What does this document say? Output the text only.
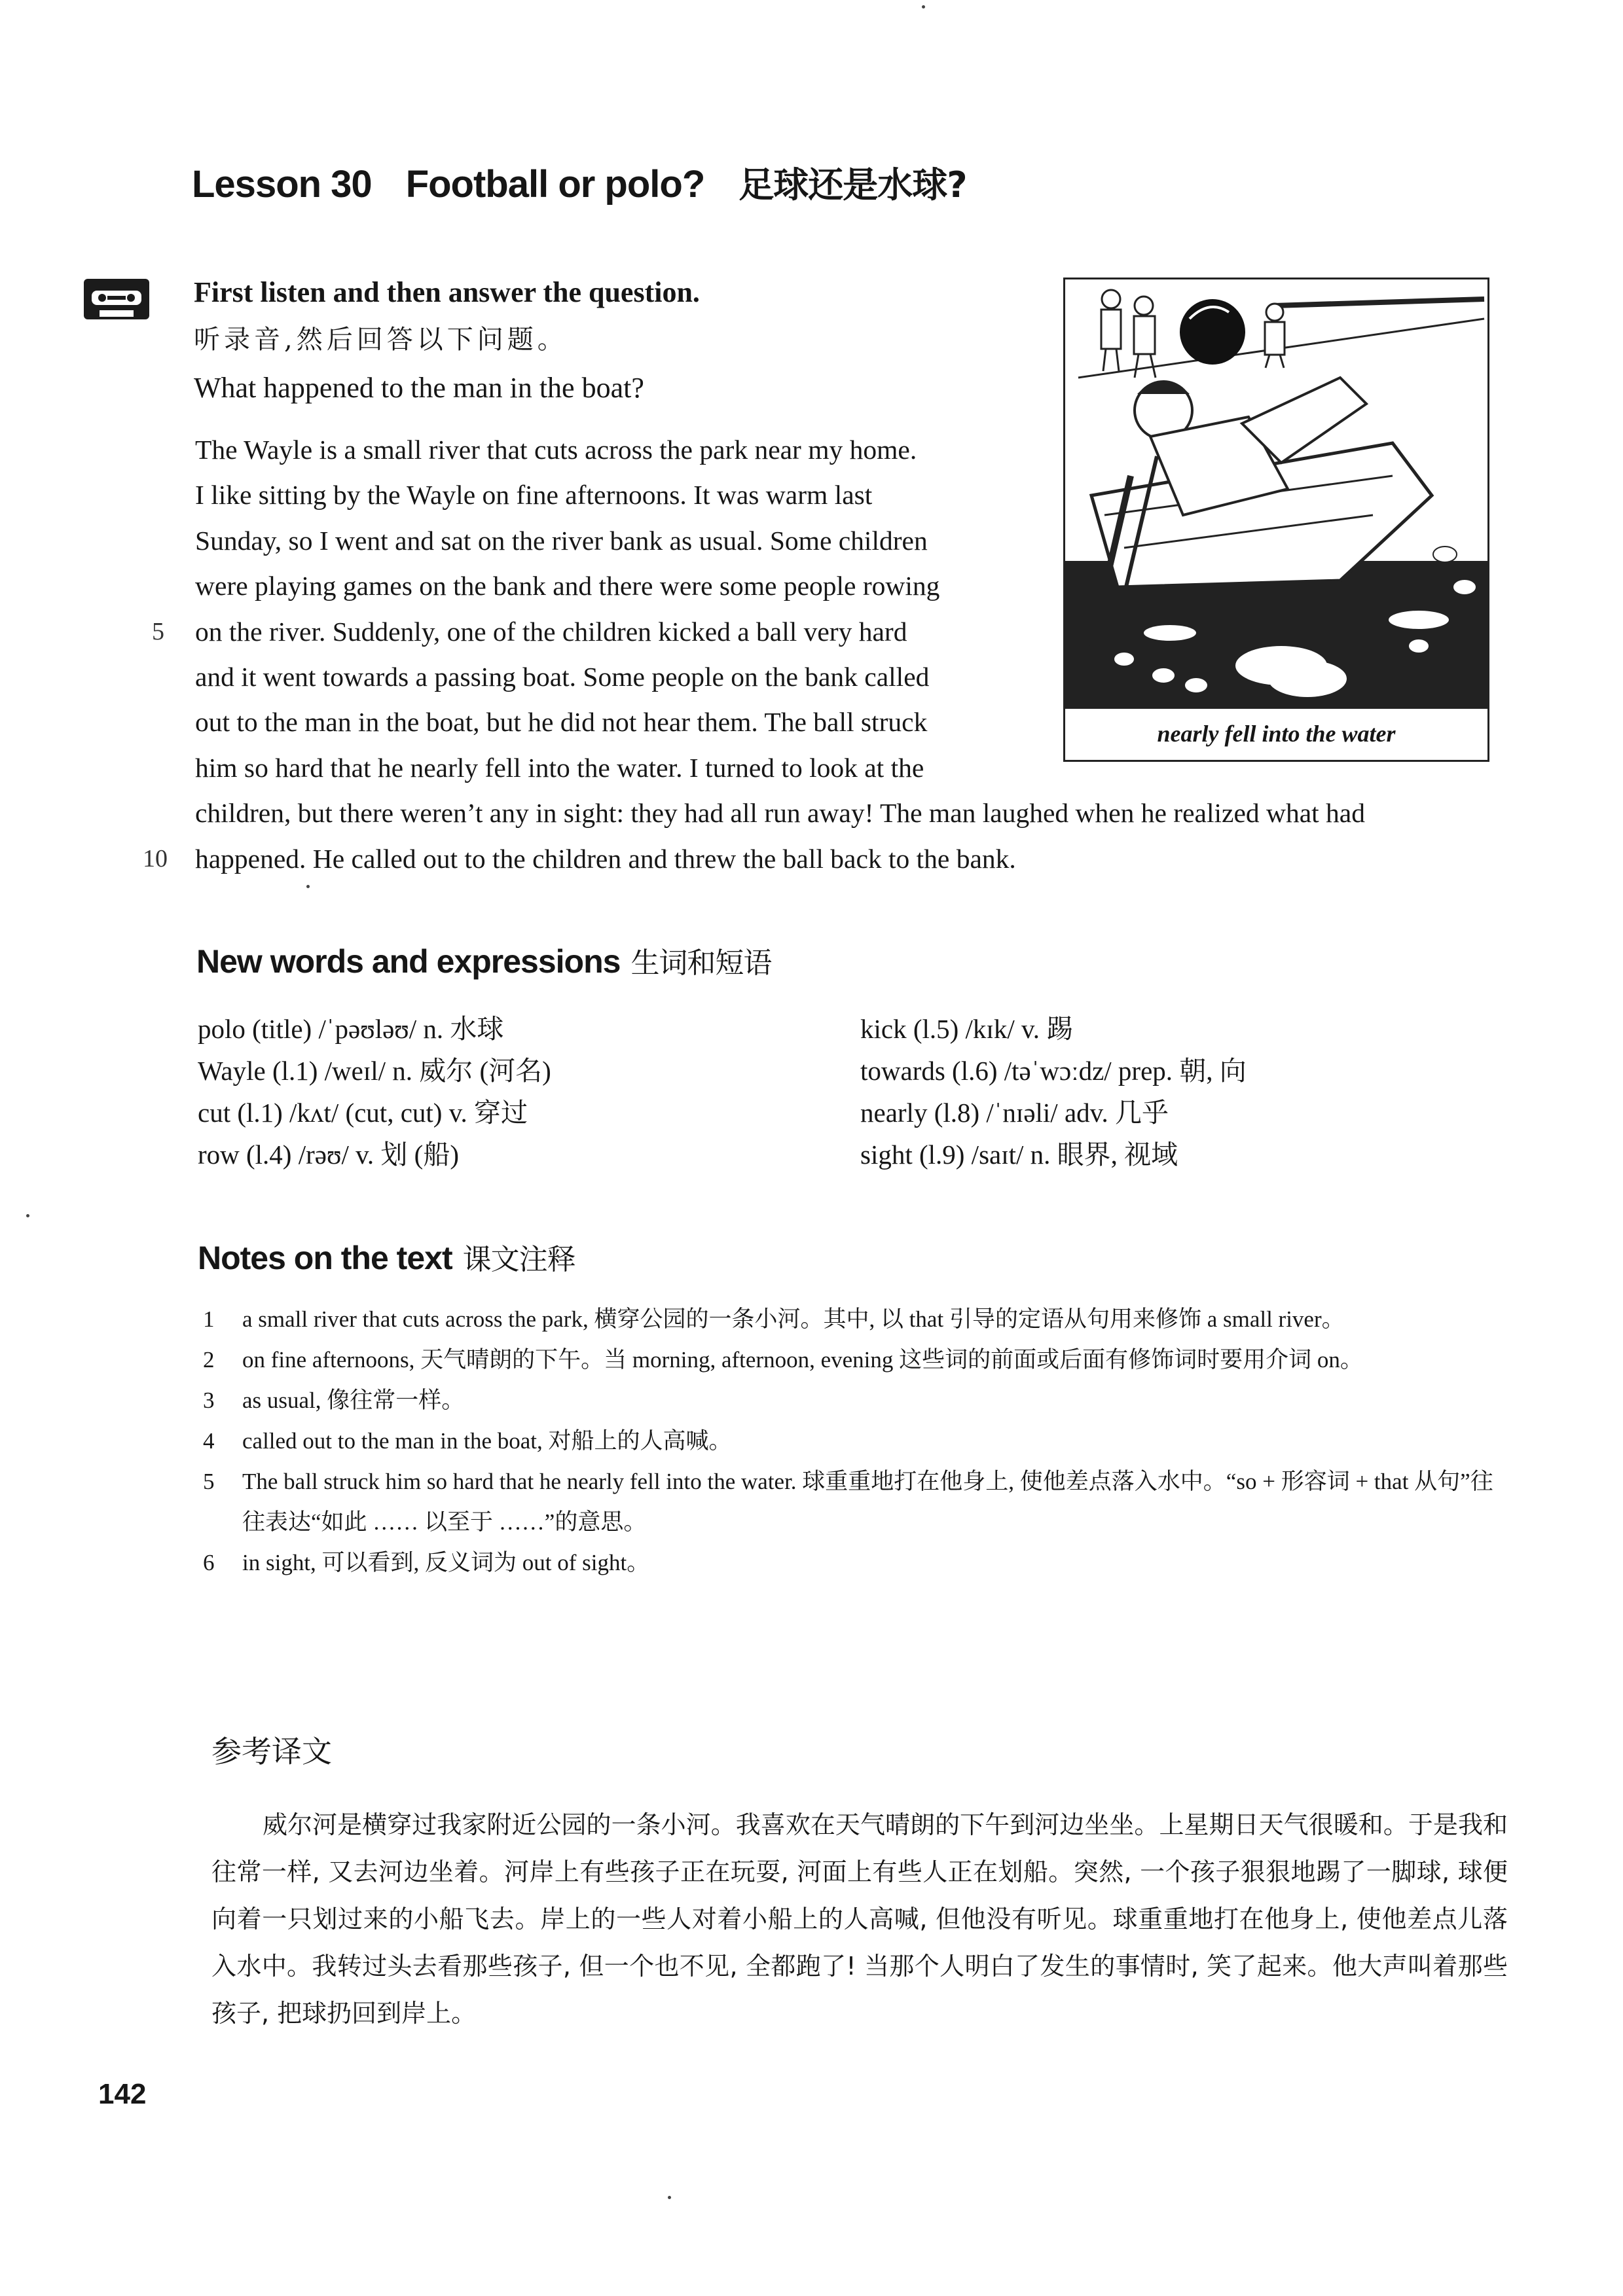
Lesson 30 Football or polo? 足球还是水球?
First listen and then answer the question.
听录音,然后回答以下问题。
What happened to the man in the boat?
nearly fell into the water
The Wayle is a small river that cuts across the park near my home.
I like sitting by the Wayle on fine afternoons. It was warm last
Sunday, so I went and sat on the river bank as usual. Some children
were playing games on the bank and there were some people rowing
on the river. Suddenly, one of the children kicked a ball very hard
and it went towards a passing boat. Some people on the bank called
out to the man in the boat, but he did not hear them. The ball struck
him so hard that he nearly fell into the water. I turned to look at the
children, but there weren’t any in sight: they had all run away! The man laughed when he realized what had
happened. He called out to the children and threw the ball back to the bank.
5
10
New words and expressions 生词和短语
polo (title) /ˈpəʊləʊ/ n. 水球
Wayle (l.1) /weɪl/ n. 威尔 (河名)
cut (l.1) /kʌt/ (cut, cut) v. 穿过
row (l.4) /rəʊ/ v. 划 (船)
kick (l.5) /kɪk/ v. 踢
towards (l.6) /təˈwɔːdz/ prep. 朝, 向
nearly (l.8) /ˈnɪəli/ adv. 几乎
sight (l.9) /saɪt/ n. 眼界, 视域
Notes on the text 课文注释
1 a small river that cuts across the park, 横穿公园的一条小河。其中, 以 that 引导的定语从句用来修饰 a small river。
2 on fine afternoons, 天气晴朗的下午。当 morning, afternoon, evening 这些词的前面或后面有修饰词时要用介词 on。
3 as usual, 像往常一样。
4 called out to the man in the boat, 对船上的人高喊。
5 The ball struck him so hard that he nearly fell into the water. 球重重地打在他身上, 使他差点落入水中。“so + 形容词 + that 从句”往往表达“如此 …… 以至于 ……”的意思。
6 in sight, 可以看到, 反义词为 out of sight。
参考译文
威尔河是横穿过我家附近公园的一条小河。我喜欢在天气晴朗的下午到河边坐坐。上星期日天气很暖和。于是我和往常一样, 又去河边坐着。河岸上有些孩子正在玩耍, 河面上有些人正在划船。突然, 一个孩子狠狠地踢了一脚球, 球便向着一只划过来的小船飞去。岸上的一些人对着小船上的人高喊, 但他没有听见。球重重地打在他身上, 使他差点儿落入水中。我转过头去看那些孩子, 但一个也不见, 全都跑了! 当那个人明白了发生的事情时, 笑了起来。他大声叫着那些孩子, 把球扔回到岸上。
142
